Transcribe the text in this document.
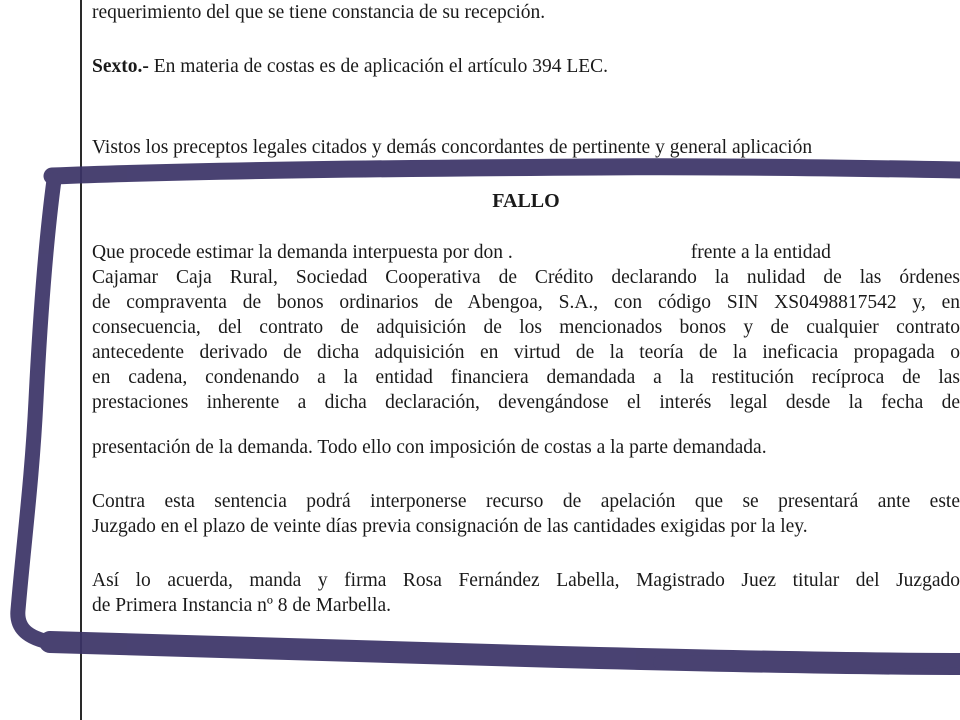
requerimiento del que se tiene constancia de su recepción.
Sexto.- En materia de costas es de aplicación el artículo 394 LEC.
Vistos los preceptos legales citados y demás concordantes de pertinente y general aplicación
FALLO
Que procede estimar la demanda interpuesta por don .	frente a la entidad
Cajamar Caja Rural, Sociedad Cooperativa de Crédito declarando la nulidad de las órdenes
de compraventa de bonos ordinarios de Abengoa, S.A., con código SIN XS0498817542 y, en
consecuencia, del contrato de adquisición de los mencionados bonos y de cualquier contrato
antecedente derivado de dicha adquisición en virtud de la teoría de la ineficacia propagada o
en cadena, condenando a la entidad financiera demandada a la restitución recíproca de las
prestaciones inherente a dicha declaración, devengándose el interés legal desde la fecha de
presentación de la demanda. Todo ello con imposición de costas a la parte demandada.
Contra esta sentencia podrá interponerse recurso de apelación que se presentará ante este
Juzgado en el plazo de veinte días previa consignación de las cantidades exigidas por la ley.
Así lo acuerda, manda y firma Rosa Fernández Labella, Magistrado Juez titular del Juzgado
de Primera Instancia nº 8 de Marbella.
